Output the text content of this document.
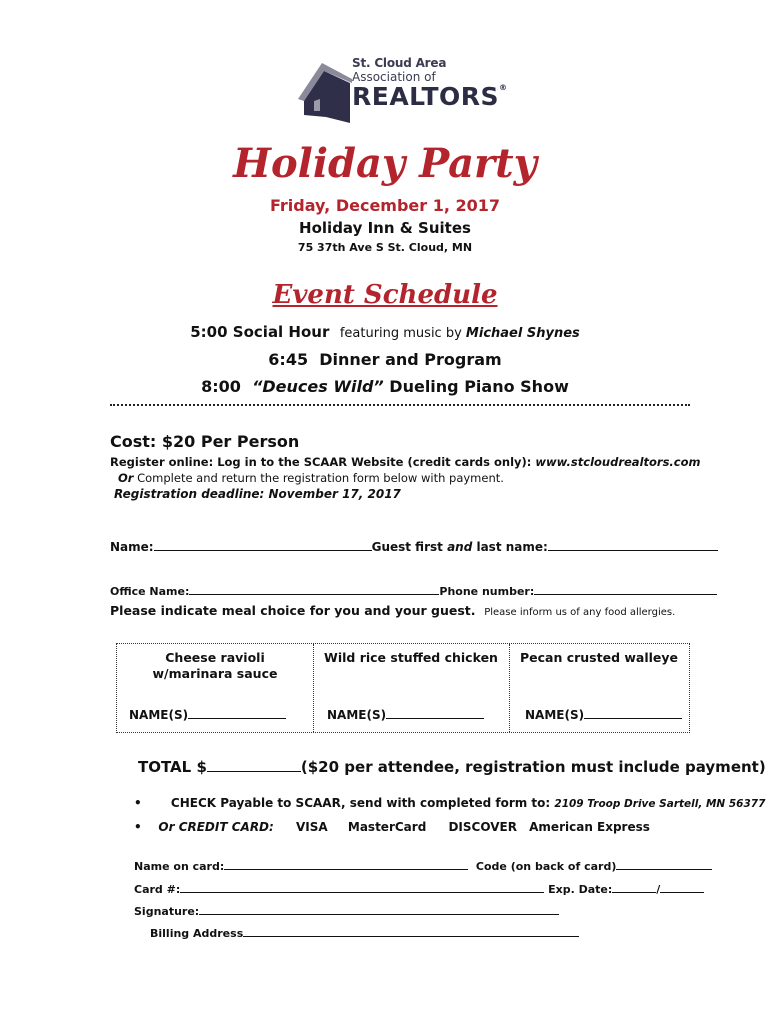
St. Cloud Area
Association of
REALTORS®
Holiday Party
Friday, December 1, 2017
Holiday Inn & Suites
75 37th Ave S St. Cloud, MN
Event Schedule
5:00 Social Hour featuring music by Michael Shynes
6:45 Dinner and Program
8:00 “Deuces Wild” Dueling Piano Show
Cost: $20 Per Person
Register online: Log in to the SCAAR Website (credit cards only): www.stcloudrealtors.com
Or Complete and return the registration form below with payment.
Registration deadline: November 17, 2017
Name:	Guest first and last name:
Office Name:	Phone number:
Please indicate meal choice for you and your guest. Please inform us of any food allergies.
Cheese ravioli
w/marinara sauce
NAME(S)
Wild rice stuffed chicken
NAME(S)
Pecan crusted walleye
NAME(S)
TOTAL $	($20 per attendee, registration must include payment)
• CHECK Payable to SCAAR, send with completed form to: 2109 Troop Drive Sartell, MN 56377
• Or CREDIT CARD: VISA MasterCard DISCOVER American Express
Name on card:	Code (on back of card)
Card #:	Exp. Date:	/
Signature:
Billing Address
